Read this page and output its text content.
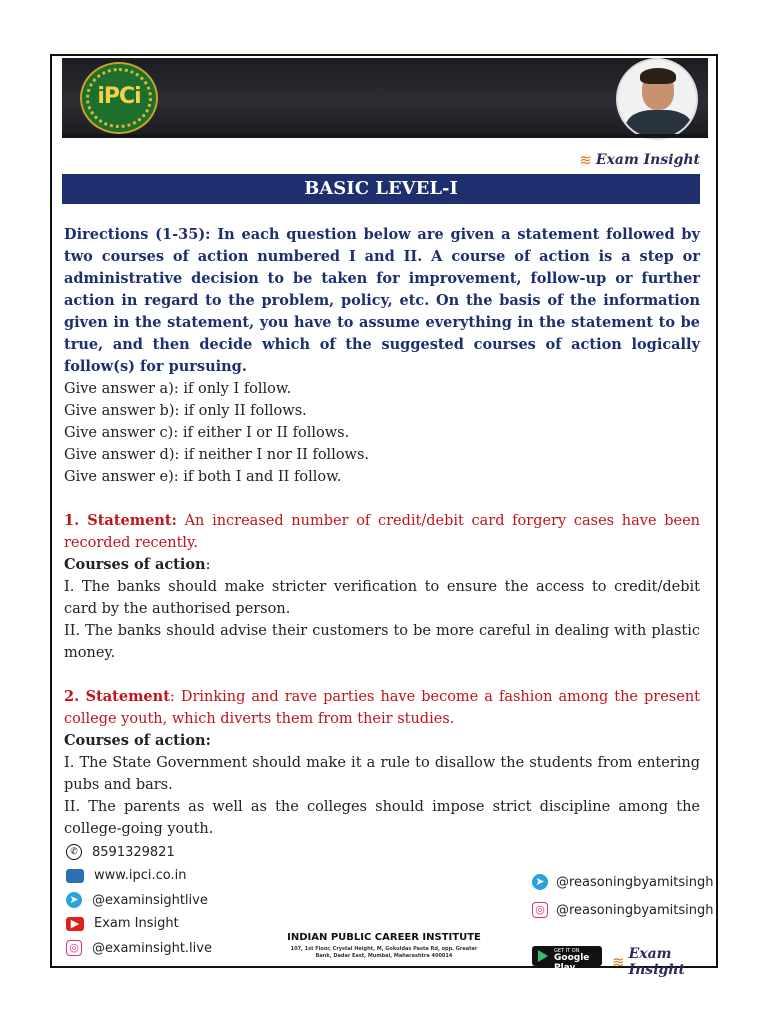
iPCi
≋ Exam Insight
BASIC LEVEL-I

Directions (1-35): In each question below are given a statement followed by two courses of action numbered I and II. A course of action is a step or administrative decision to be taken for improvement, follow-up or further action in regard to the problem, policy, etc. On the basis of the information given in the statement, you have to assume everything in the statement to be true, and then decide which of the suggested courses of action logically follow(s) for pursuing.

Give answer a): if only I follow.

Give answer b): if only II follows.

Give answer c): if either I or II follows.

Give answer d): if neither I nor II follows.

Give answer e): if both I and II follow.

1. Statement: An increased number of credit/debit card forgery cases have been recorded recently.

Courses of action:

I. The banks should make stricter verification to ensure the access to credit/debit card by the authorised person.

II. The banks should advise their customers to be more careful in dealing with plastic money.

2. Statement: Drinking and rave parties have become a fashion among the present college youth, which diverts them from their studies.

Courses of action:

I. The State Government should make it a rule to disallow the students from entering pubs and bars.

II. The parents as well as the colleges should impose strict discipline among the college-going youth.

✆	8591329821
www.ipci.co.in
➤ @examinsightlive
▶	Exam Insight
◎ @examinsight.live
➤ @reasoningbyamitsingh
◎ @reasoningbyamitsingh
INDIAN PUBLIC CAREER INSTITUTE
107, 1st Floor, Crystal Height, M, Gokuldas Pasta Rd, opp. Greater Bank, Dadar East, Mumbai, Maharashtra 400014
GET IT ON
Google Play	≋ Exam Insight
